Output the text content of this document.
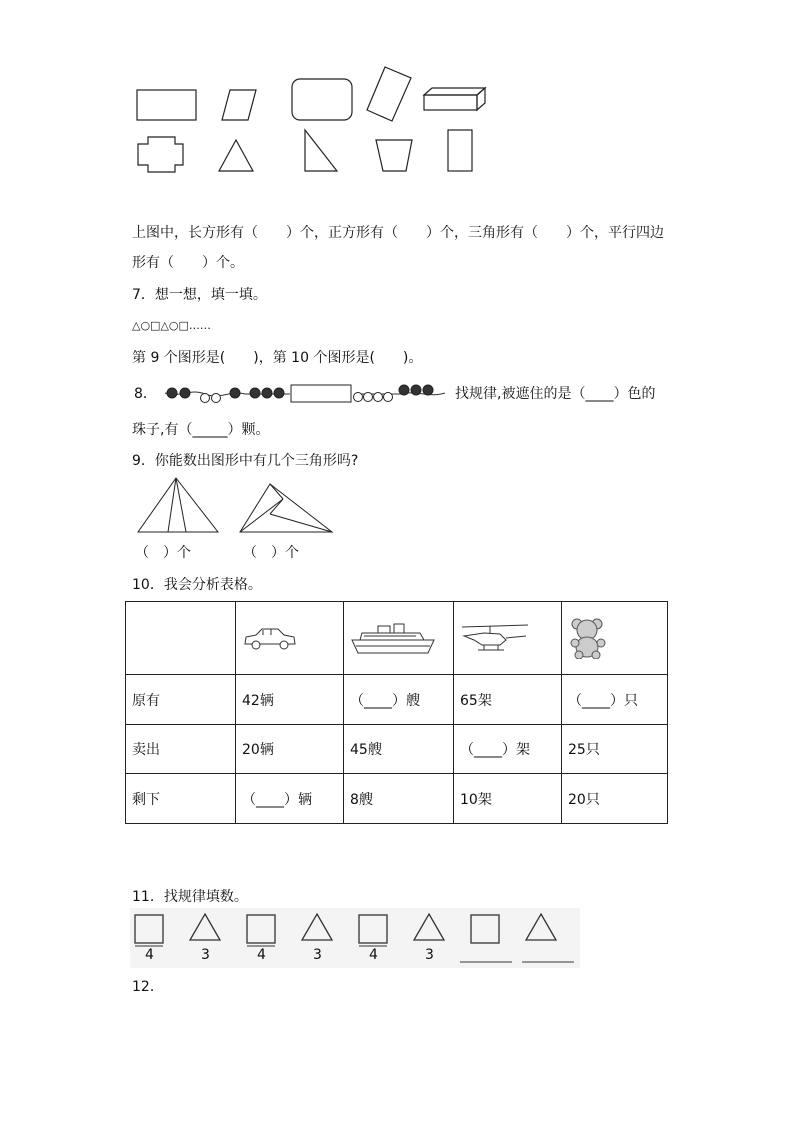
上图中，长方形有（　　）个，正方形有（　　）个，三角形有（　　）个，平行四边
形有（　　）个。
7．想一想，填一填。
△○□△○□……
第 9 个图形是(　　)，第 10 个图形是(　　)。
8．	找规律,被遮住的是（____）色的
珠子,有（_____）颗。
9．你能数出图形中有几个三角形吗?
（　）个	（　）个
10．我会分析表格。

原有	42辆	（____）艘	65架	（____）只
卖出	20辆	45艘	（____）架	25只
剩下	（____）辆	8艘	10架	20只
11．找规律填数。
4	3	4	3	4	3
12．
